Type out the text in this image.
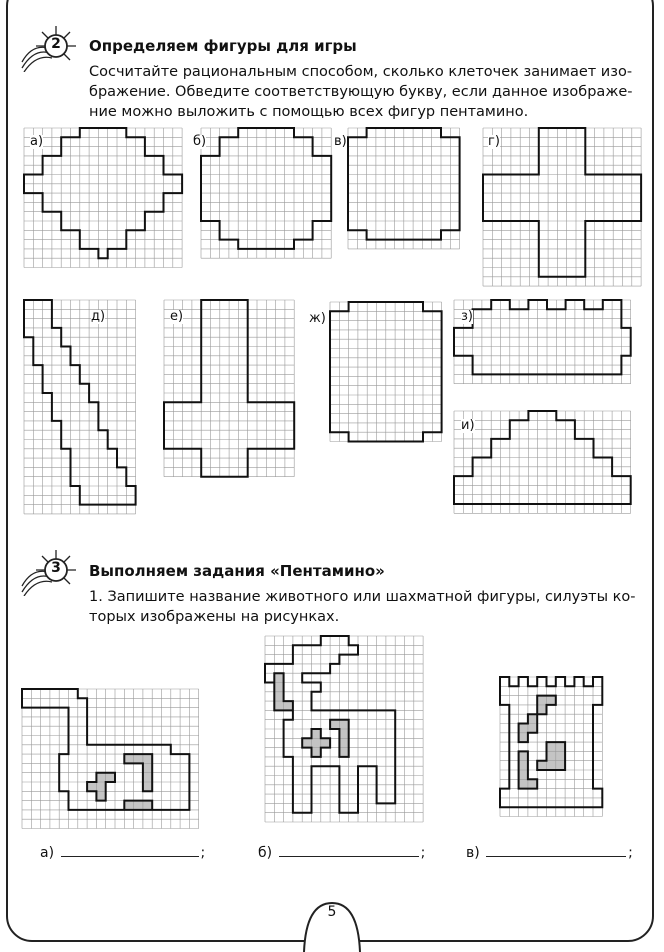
2 Определяем фигуры для игры
Сосчитайте рациональным способом, сколько клеточек занимает изо-
бражение. Обведите соответствующую букву, если данное изображе-
ние можно выложить с помощью всех фигур пентамино.
а)	б)	в)	г)
д)	е)	ж)	з)
и)
3 Выполняем задания «Пентамино»
1. Запишите название животного или шахматной фигуры, силуэты ко-
торых изображены на рисунках.
а)	;	б)	;	в)	;
5
